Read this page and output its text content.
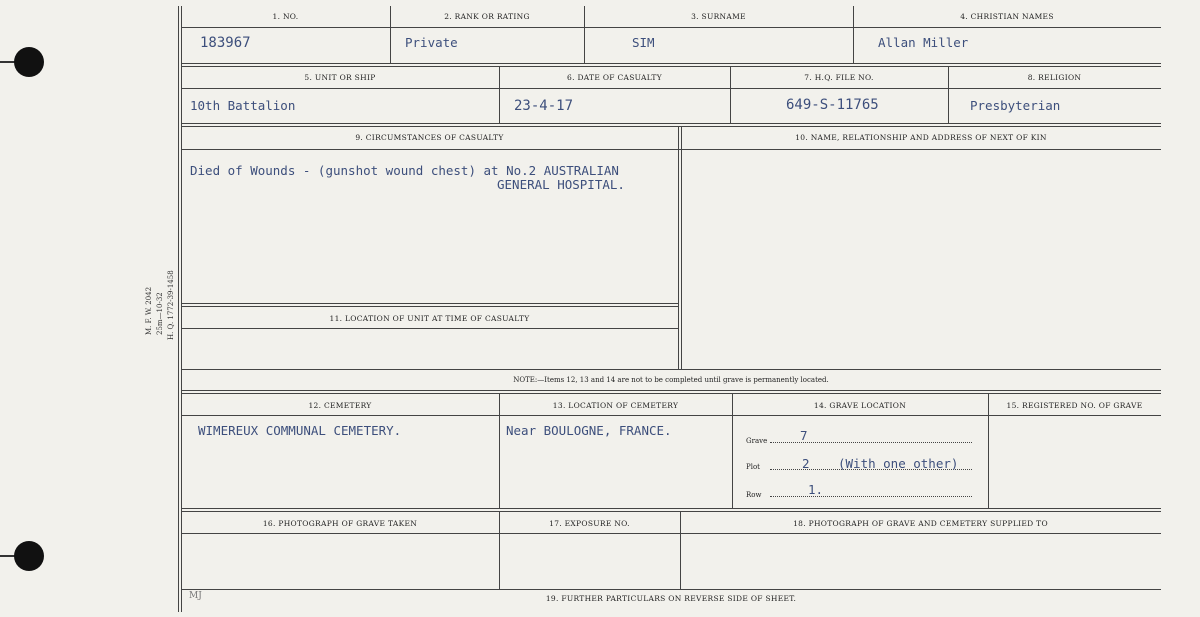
M. F. W. 2042 25m—10-32 H. Q. 1772-39-1458
1. NO.	2. RANK OR RATING	3. SURNAME	4. CHRISTIAN NAMES
183967	Private	SIM	Allan Miller
5. UNIT OR SHIP	6. DATE OF CASUALTY	7. H.Q. FILE NO.	8. RELIGION
10th Battalion	23-4-17	649-S-11765	Presbyterian
9. CIRCUMSTANCES OF CASUALTY	10. NAME, RELATIONSHIP AND ADDRESS OF NEXT OF KIN
Died of Wounds - (gunshot wound chest) at No.2 AUSTRALIAN
GENERAL HOSPITAL.
11. LOCATION OF UNIT AT TIME OF CASUALTY
NOTE:—Items 12, 13 and 14 are not to be completed until grave is permanently located.
12. CEMETERY	13. LOCATION OF CEMETERY	14. GRAVE LOCATION	15. REGISTERED NO. OF GRAVE
WIMEREUX COMMUNAL CEMETERY.	Near BOULOGNE, FRANCE.
Grave	7
Plot	2 (With one other)
Row	1.
16. PHOTOGRAPH OF GRAVE TAKEN	17. EXPOSURE NO.	18. PHOTOGRAPH OF GRAVE AND CEMETERY SUPPLIED TO
19. FURTHER PARTICULARS ON REVERSE SIDE OF SHEET.
MJ
